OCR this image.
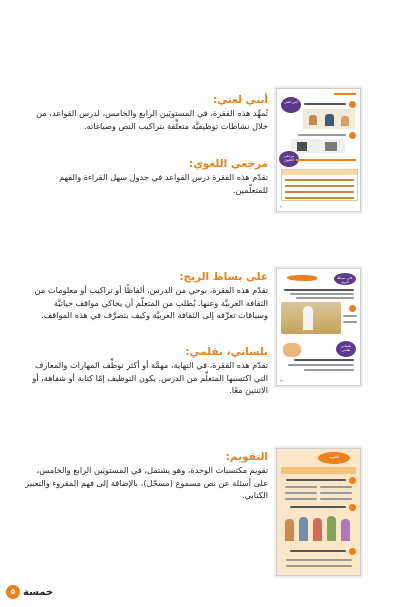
أبني لغتي:
تُمهِّد هذه الفقرة، في المستويَين الرابع والخامس، لدرس القواعد، من خلال نشاطات توظيفيَّة متعلِّقة بتراكيب النص وصياغاته.
مرجعي اللغوي:
تقدّم هذه الفقرة درس القواعد في جدول سهل القراءة والفهم للمتعلّمين.
على بساط الريح:
تقدّم هذه الفقرة، بوحي من الدرس، ألفاظًا أو تراكيب أو معلومات من الثقافة العربيَّة وعنها. يُطلب من المتعلّم أن يحاكي مواقف حياتيَّة وسياقات تعرِّفه إلى الثقافة العربيَّة وكيف يتصرَّف في هذه المواقف.
بلساني، بقلمي:
تقدّم هذه الفقرة، في النهاية، مهمَّة أو أكثر توظِّف المهارات والمعارف التي اكتسبها المتعلِّم من الدرس. يكون التوظيف إمّا كتابة أو شفاهة، أو الاثنتين معًا.
التقويم:
تقويم مكتسبات الوحدة، وهو يشتمل، في المستويَين الرابع والخامس، على أسئلة عن نص مسموع (مسجّل)، بالإضافة إلى فهم المقروء والتعبير الكتابي.
أبني لغتي
مرجعي اللغوي
٢٠
على بساط الريح
بلساني بقلمي
٢١
التقويم
خمسة
٥
